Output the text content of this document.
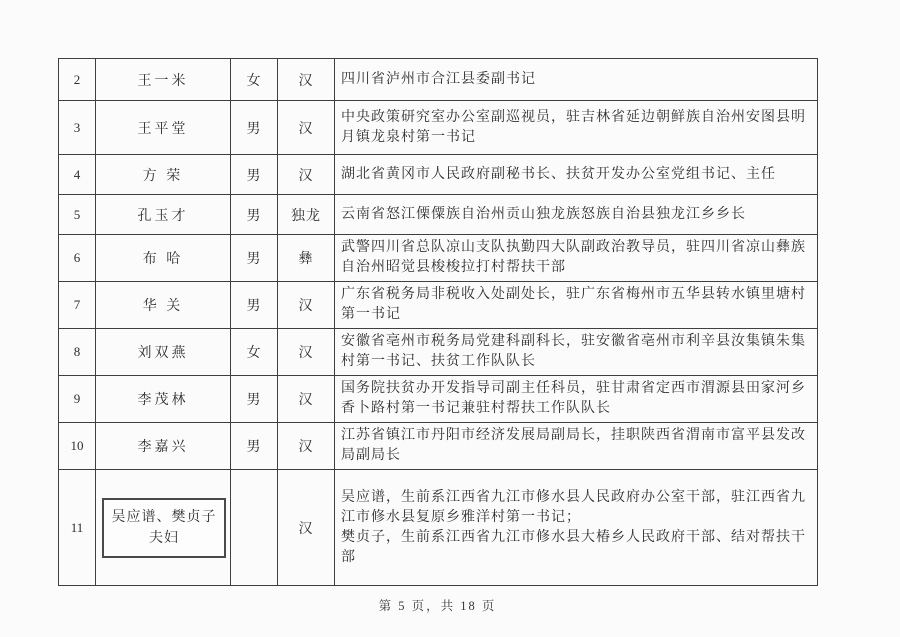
2	王一米	女	汉	四川省泸州市合江县委副书记
3	王平堂	男	汉	中央政策研究室办公室副巡视员，驻吉林省延边朝鲜族自治州安图县明月镇龙泉村第一书记
4	方 荣	男	汉	湖北省黄冈市人民政府副秘书长、扶贫开发办公室党组书记、主任
5	孔玉才	男	独龙	云南省怒江傈僳族自治州贡山独龙族怒族自治县独龙江乡乡长
6	布 哈	男	彝	武警四川省总队凉山支队执勤四大队副政治教导员，驻四川省凉山彝族自治州昭觉县梭梭拉打村帮扶干部
7	华 关	男	汉	广东省税务局非税收入处副处长，驻广东省梅州市五华县转水镇里塘村第一书记
8	刘双燕	女	汉	安徽省亳州市税务局党建科副科长，驻安徽省亳州市利辛县汝集镇朱集村第一书记、扶贫工作队队长
9	李茂林	男	汉	国务院扶贫办开发指导司副主任科员，驻甘肃省定西市渭源县田家河乡香卜路村第一书记兼驻村帮扶工作队队长
10	李嘉兴	男	汉	江苏省镇江市丹阳市经济发展局副局长，挂职陕西省渭南市富平县发改局副局长
11	吴应谱、樊贞子夫妇		汉	吴应谱，生前系江西省九江市修水县人民政府办公室干部，驻江西省九江市修水县复原乡雅洋村第一书记；
樊贞子，生前系江西省九江市修水县大椿乡人民政府干部、结对帮扶干部
第 5 页，共 18 页
